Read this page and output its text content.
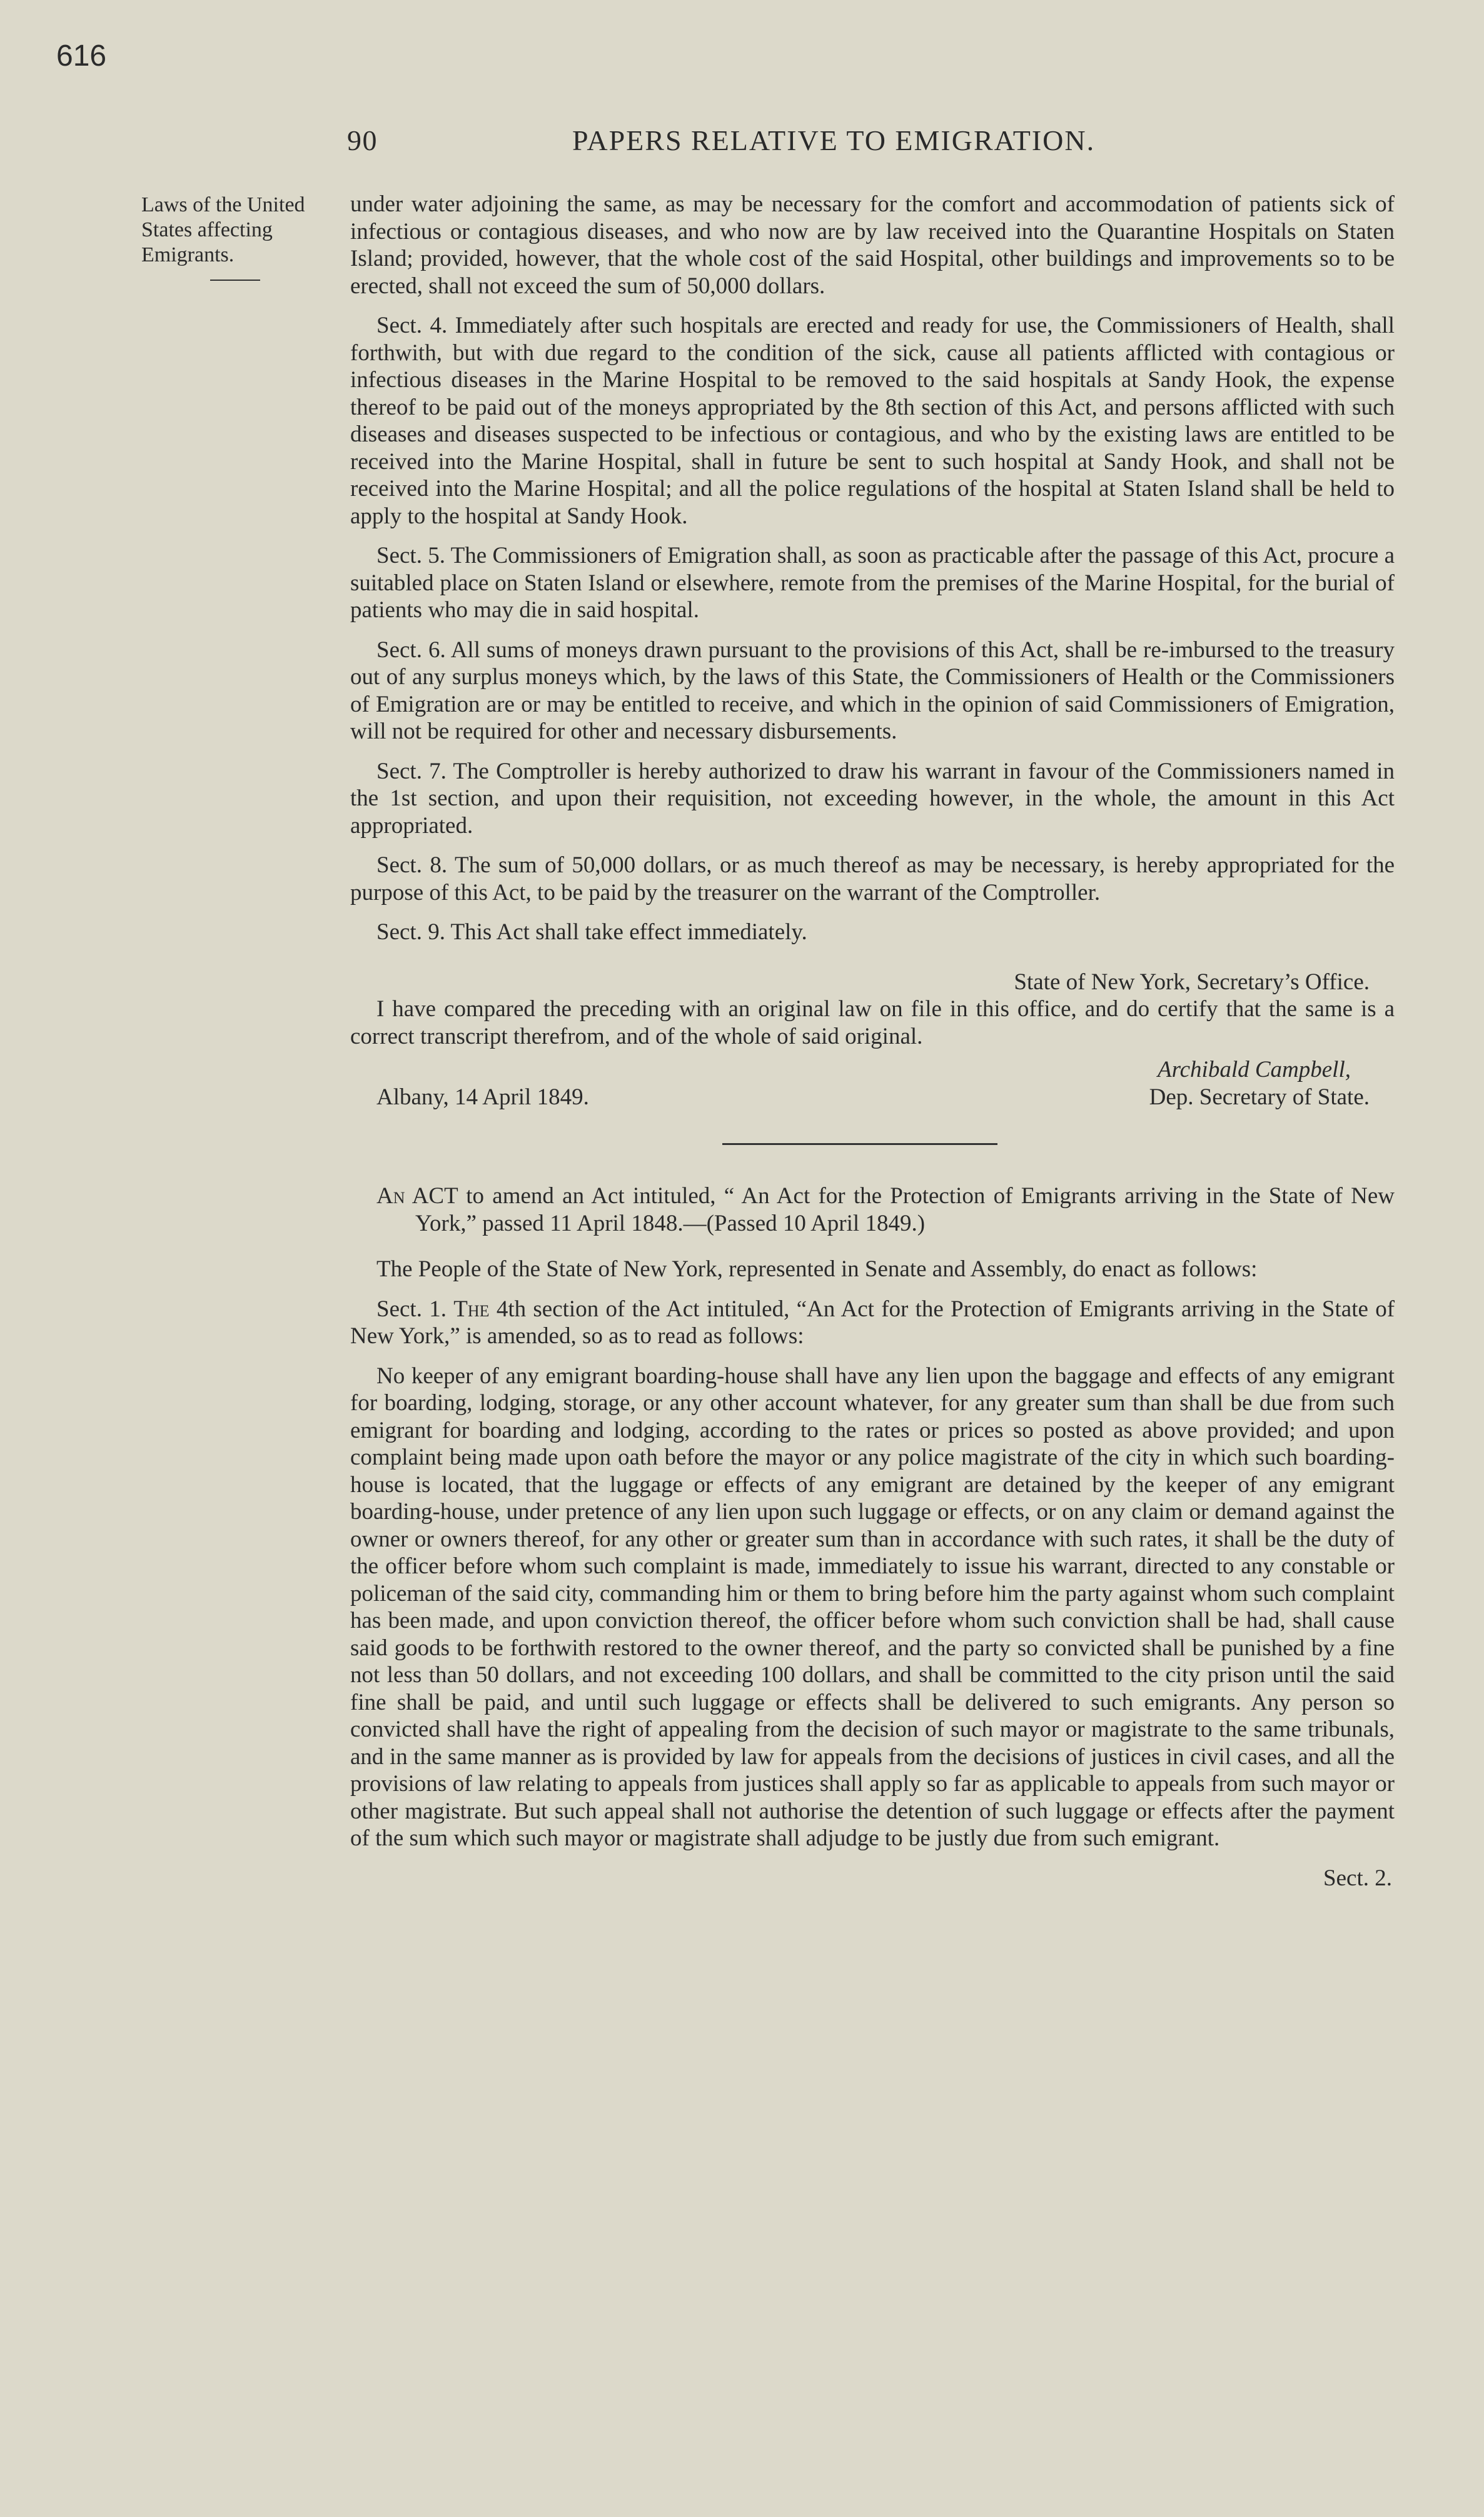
616
90	PAPERS RELATIVE TO EMIGRATION.
Laws of the United
States affecting
Emigrants.

under water adjoining the same, as may be necessary for the comfort and accommodation of patients sick of infectious or contagious diseases, and who now are by law received into the Quarantine Hospitals on Staten Island; provided, however, that the whole cost of the said Hospital, other buildings and improvements so to be erected, shall not exceed the sum of 50,000 dollars.

Sect. 4. Immediately after such hospitals are erected and ready for use, the Commissioners of Health, shall forthwith, but with due regard to the condition of the sick, cause all patients afflicted with contagious or infectious diseases in the Marine Hospital to be removed to the said hospitals at Sandy Hook, the expense thereof to be paid out of the moneys appropriated by the 8th section of this Act, and persons afflicted with such diseases and diseases suspected to be infectious or contagious, and who by the existing laws are entitled to be received into the Marine Hospital, shall in future be sent to such hospital at Sandy Hook, and shall not be received into the Marine Hospital; and all the police regulations of the hospital at Staten Island shall be held to apply to the hospital at Sandy Hook.

Sect. 5. The Commissioners of Emigration shall, as soon as practicable after the passage of this Act, procure a suitabled place on Staten Island or elsewhere, remote from the premises of the Marine Hospital, for the burial of patients who may die in said hospital.

Sect. 6. All sums of moneys drawn pursuant to the provisions of this Act, shall be re-imbursed to the treasury out of any surplus moneys which, by the laws of this State, the Commissioners of Health or the Commissioners of Emigration are or may be entitled to receive, and which in the opinion of said Commissioners of Emigration, will not be required for other and necessary disbursements.

Sect. 7. The Comptroller is hereby authorized to draw his warrant in favour of the Commissioners named in the 1st section, and upon their requisition, not exceeding however, in the whole, the amount in this Act appropriated.

Sect. 8. The sum of 50,000 dollars, or as much thereof as may be necessary, is hereby appropriated for the purpose of this Act, to be paid by the treasurer on the warrant of the Comptroller.

Sect. 9. This Act shall take effect immediately.

State of New York, Secretary’s Office.

I have compared the preceding with an original law on file in this office, and do certify that the same is a correct transcript therefrom, and of the whole of said original.

Archibald Campbell,
Albany, 14 April 1849.	Dep. Secretary of State.

An ACT to amend an Act intituled, “ An Act for the Protection of Emigrants arriving in the State of New York,” passed 11 April 1848.—(Passed 10 April 1849.)

The People of the State of New York, represented in Senate and Assembly, do enact as follows:

Sect. 1. The 4th section of the Act intituled, “An Act for the Protection of Emigrants arriving in the State of New York,” is amended, so as to read as follows:

No keeper of any emigrant boarding-house shall have any lien upon the baggage and effects of any emigrant for boarding, lodging, storage, or any other account whatever, for any greater sum than shall be due from such emigrant for boarding and lodging, according to the rates or prices so posted as above provided; and upon complaint being made upon oath before the mayor or any police magistrate of the city in which such boarding-house is located, that the luggage or effects of any emigrant are detained by the keeper of any emigrant boarding-house, under pretence of any lien upon such luggage or effects, or on any claim or demand against the owner or owners thereof, for any other or greater sum than in accordance with such rates, it shall be the duty of the officer before whom such complaint is made, immediately to issue his warrant, directed to any constable or policeman of the said city, commanding him or them to bring before him the party against whom such complaint has been made, and upon conviction thereof, the officer before whom such conviction shall be had, shall cause said goods to be forthwith restored to the owner thereof, and the party so convicted shall be punished by a fine not less than 50 dollars, and not exceeding 100 dollars, and shall be committed to the city prison until the said fine shall be paid, and until such luggage or effects shall be delivered to such emigrants. Any person so convicted shall have the right of appealing from the decision of such mayor or magistrate to the same tribunals, and in the same manner as is provided by law for appeals from the decisions of justices in civil cases, and all the provisions of law relating to appeals from justices shall apply so far as applicable to appeals from such mayor or other magistrate. But such appeal shall not authorise the detention of such luggage or effects after the payment of the sum which such mayor or magistrate shall adjudge to be justly due from such emigrant.

Sect. 2.
